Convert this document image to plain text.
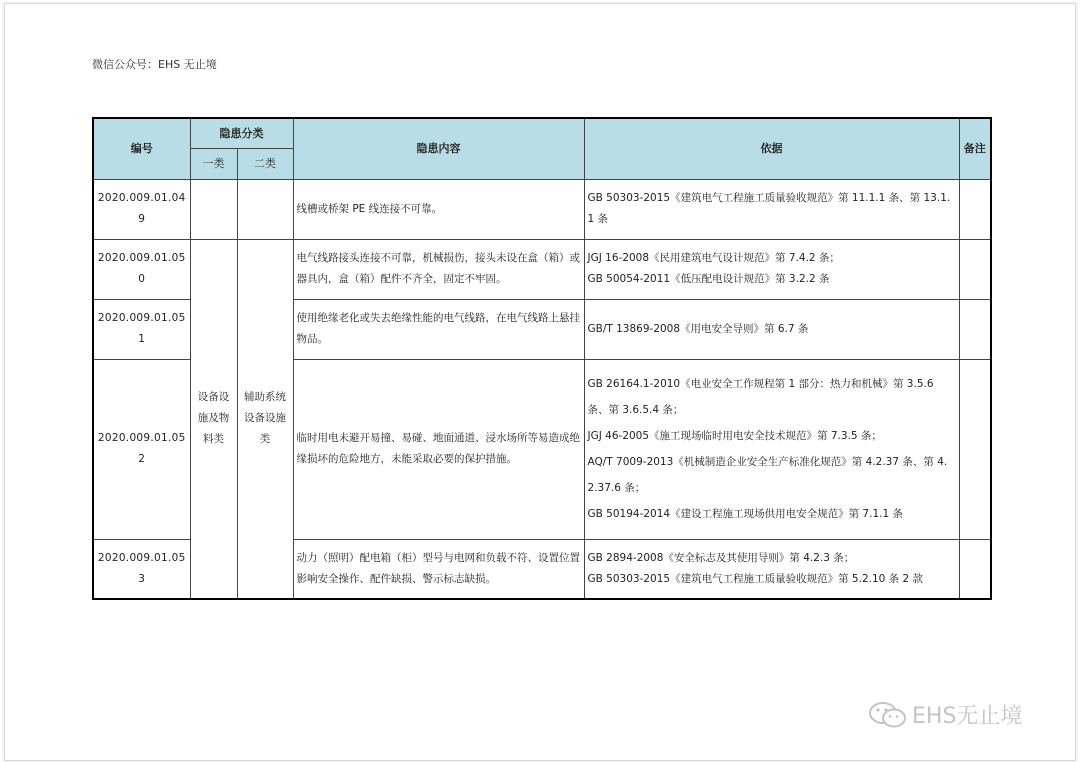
微信公众号：EHS 无止境
编号	隐患分类		隐患内容	依据	备注
	一类	二类			
2020.009.01.049			线槽或桥架 PE 线连接不可靠。	GB 50303-2015《建筑电气工程施工质量验收规范》第 11.1.1 条、第 13.1.1 条	

2020.009.01.050	设备设施及物料类	辅助系统设备设施类	电气线路接头连接不可靠，机械损伤，接头未设在盒（箱）或器具内，盒（箱）配件不齐全，固定不牢固。	JGJ 16-2008《民用建筑电气设计规范》第 7.4.2 条；
GB 50054-2011《低压配电设计规范》第 3.2.2 条	

2020.009.01.051			使用绝缘老化或失去绝缘性能的电气线路，在电气线路上悬挂物品。	GB/T 13869-2008《用电安全导则》第 6.7 条	

2020.009.01.052			临时用电未避开易撞、易碰、地面通道、浸水场所等易造成绝缘损坏的危险地方，未能采取必要的保护措施。	GB 26164.1-2010《电业安全工作规程第 1 部分：热力和机械》第 3.5.6 条、第 3.6.5.4 条；
JGJ 46-2005《施工现场临时用电安全技术规范》第 7.3.5 条；
AQ/T 7009-2013《机械制造企业安全生产标准化规范》第 4.2.37 条、第 4.2.37.6 条；
GB 50194-2014《建设工程施工现场供用电安全规范》第 7.1.1 条	

2020.009.01.053			动力（照明）配电箱（柜）型号与电网和负载不符、设置位置影响安全操作、配件缺损、警示标志缺损。	GB 2894-2008《安全标志及其使用导则》第 4.2.3 条；
GB 50303-2015《建筑电气工程施工质量验收规范》第 5.2.10 条 2 款	

EHS无止境
